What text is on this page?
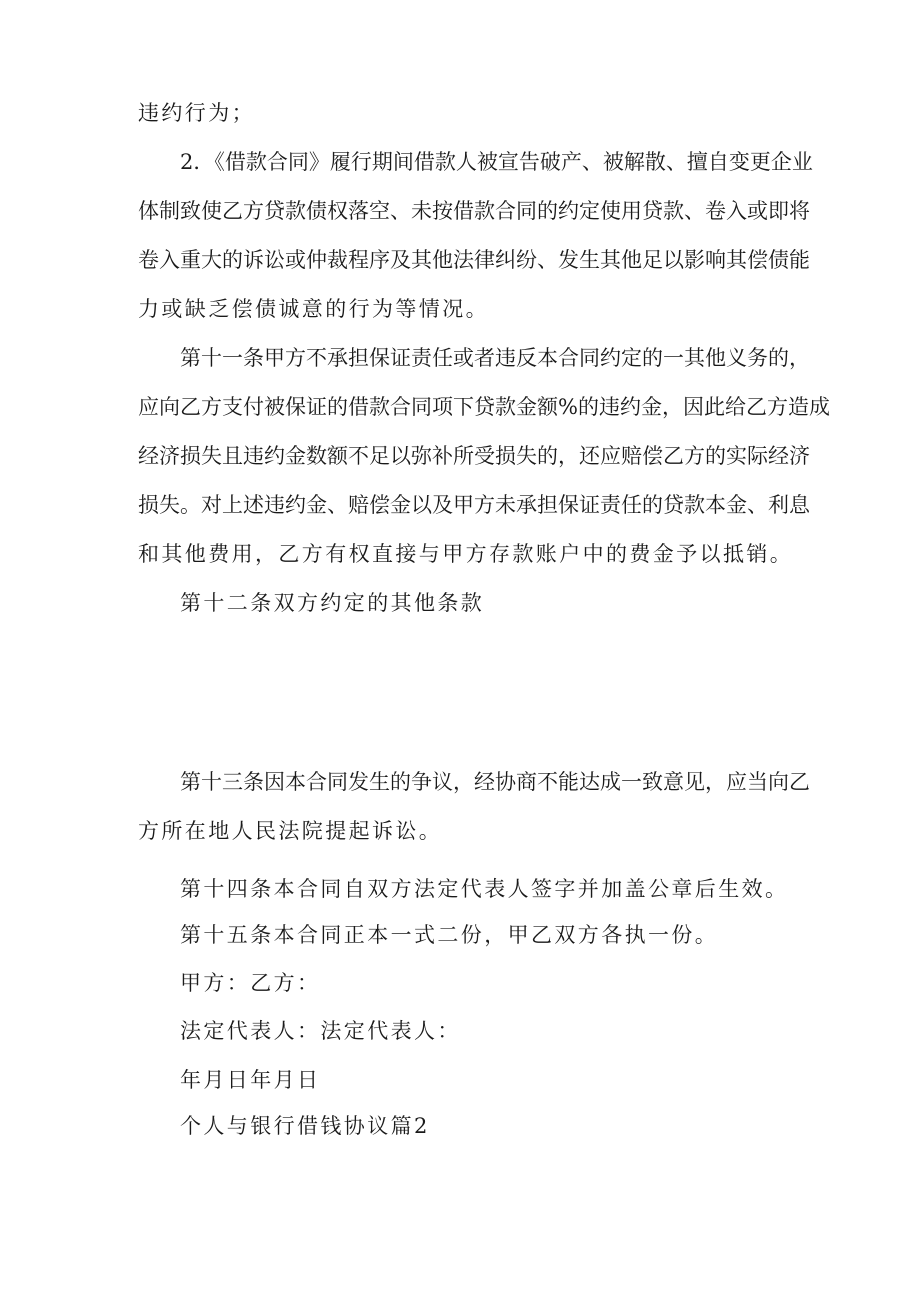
违约行为；
2．《借款合同》履行期间借款人被宣告破产、被解散、擅自变更企业
体制致使乙方贷款债权落空、未按借款合同的约定使用贷款、卷入或即将
卷入重大的诉讼或仲裁程序及其他法律纠纷、发生其他足以影响其偿债能
力或缺乏偿债诚意的行为等情况。
第十一条甲方不承担保证责任或者违反本合同约定的一其他义务的，
应向乙方支付被保证的借款合同项下贷款金额%的违约金，因此给乙方造成
经济损失且违约金数额不足以弥补所受损失的，还应赔偿乙方的实际经济
损失。对上述违约金、赔偿金以及甲方未承担保证责任的贷款本金、利息
和其他费用，乙方有权直接与甲方存款账户中的费金予以抵销。
第十二条双方约定的其他条款
第十三条因本合同发生的争议，经协商不能达成一致意见，应当向乙
方所在地人民法院提起诉讼。
第十四条本合同自双方法定代表人签字并加盖公章后生效。
第十五条本合同正本一式二份，甲乙双方各执一份。
甲方：乙方：
法定代表人：法定代表人：
年月日年月日
个人与银行借钱协议篇2
